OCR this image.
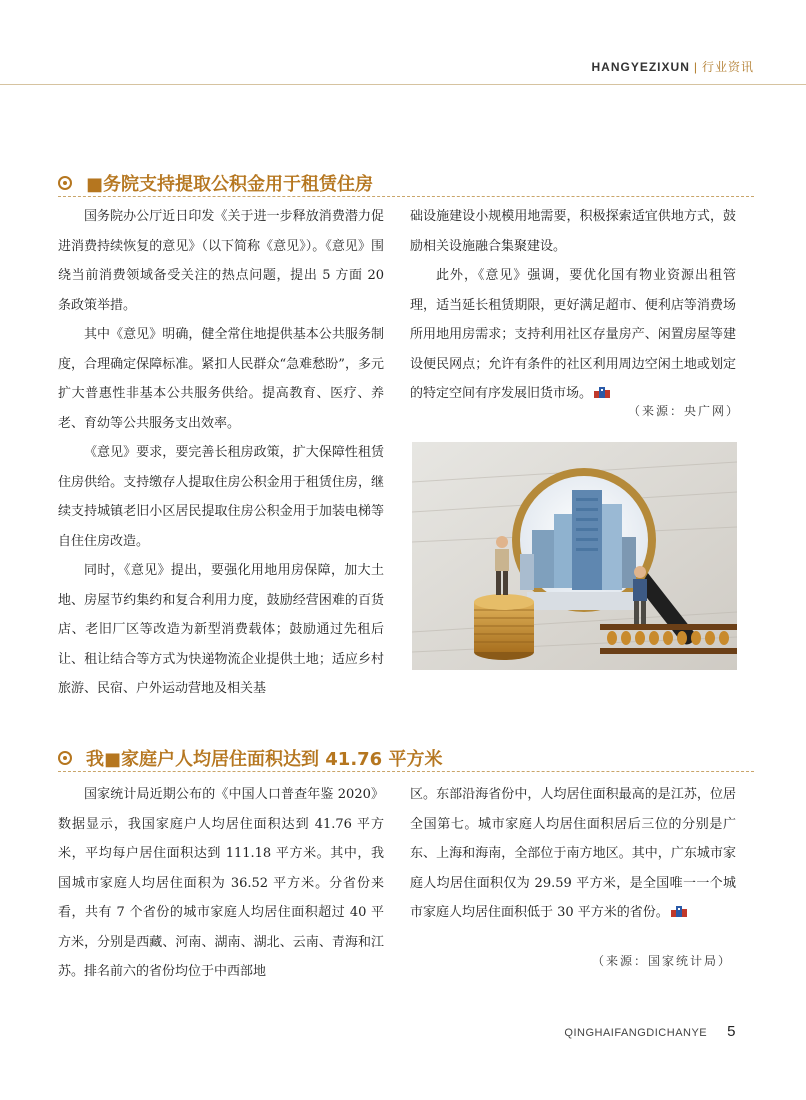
HANGYEZIXUN | 行业资讯
■务院支持提取公积金用于租赁住房

国务院办公厅近日印发《关于进一步释放消费潜力促进消费持续恢复的意见》（以下简称《意见》）。《意见》围绕当前消费领域备受关注的热点问题，提出 5 方面 20 条政策举措。

其中《意见》明确，健全常住地提供基本公共服务制度，合理确定保障标准。紧扣人民群众“急难愁盼”，多元扩大普惠性非基本公共服务供给。提高教育、医疗、养老、育幼等公共服务支出效率。

《意见》要求，要完善长租房政策，扩大保障性租赁住房供给。支持缴存人提取住房公积金用于租赁住房，继续支持城镇老旧小区居民提取住房公积金用于加装电梯等自住住房改造。

同时，《意见》提出，要强化用地用房保障，加大土地、房屋节约集约和复合利用力度，鼓励经营困难的百货店、老旧厂区等改造为新型消费载体；鼓励通过先租后让、租让结合等方式为快递物流企业提供土地；适应乡村旅游、民宿、户外运动营地及相关基

础设施建设小规模用地需要，积极探索适宜供地方式，鼓励相关设施融合集聚建设。

此外，《意见》强调，要优化国有物业资源出租管理，适当延长租赁期限，更好满足超市、便利店等消费场所用地用房需求；支持利用社区存量房产、闲置房屋等建设便民网点；允许有条件的社区利用周边空闲土地或划定的特定空间有序发展旧货市场。

（来源：央广网）
我■家庭户人均居住面积达到 41.76 平方米

国家统计局近期公布的《中国人口普查年鉴 2020》数据显示，我国家庭户人均居住面积达到 41.76 平方米，平均每户居住面积达到 111.18 平方米。其中，我国城市家庭人均居住面积为 36.52 平方米。分省份来看，共有 7 个省份的城市家庭人均居住面积超过 40 平方米，分别是西藏、河南、湖南、湖北、云南、青海和江苏。排名前六的省份均位于中西部地

区。东部沿海省份中，人均居住面积最高的是江苏，位居全国第七。城市家庭人均居住面积居后三位的分别是广东、上海和海南，全部位于南方地区。其中，广东城市家庭人均居住面积仅为 29.59 平方米，是全国唯一一个城市家庭人均居住面积低于 30 平方米的省份。

（来源：国家统计局）
QINGHAIFANGDICHANYE 5
